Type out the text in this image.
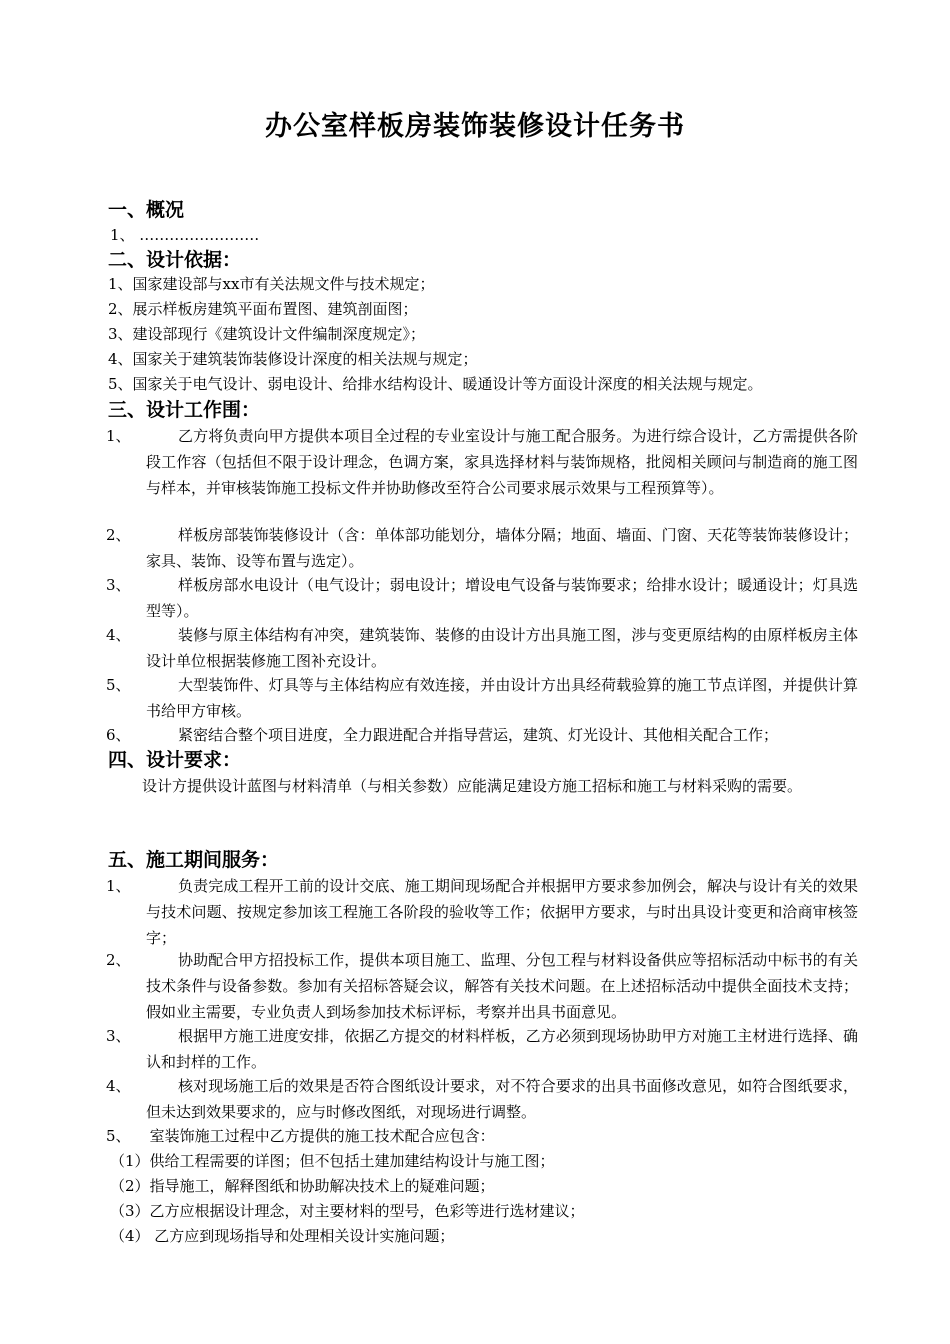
办公室样板房装饰装修设计任务书
一、概况
1、 ……………………
二、设计依据：
1、国家建设部与xx市有关法规文件与技术规定；
2、展示样板房建筑平面布置图、建筑剖面图；
3、建设部现行《建筑设计文件编制深度规定》；
4、国家关于建筑装饰装修设计深度的相关法规与规定；
5、国家关于电气设计、弱电设计、给排水结构设计、暖通设计等方面设计深度的相关法规与规定。
三、设计工作围：
1、	乙方将负责向甲方提供本项目全过程的专业室设计与施工配合服务。为进行综合设计，乙方需提供各阶段工作容（包括但不限于设计理念，色调方案，家具选择材料与装饰规格，批阅相关顾问与制造商的施工图与样本，并审核装饰施工投标文件并协助修改至符合公司要求展示效果与工程预算等）。
2、	样板房部装饰装修设计（含：单体部功能划分，墙体分隔；地面、墙面、门窗、天花等装饰装修设计；家具、装饰、设等布置与选定）。
3、	样板房部水电设计（电气设计；弱电设计；增设电气设备与装饰要求；给排水设计；暖通设计；灯具选型等）。
4、	装修与原主体结构有冲突，建筑装饰、装修的由设计方出具施工图，涉与变更原结构的由原样板房主体设计单位根据装修施工图补充设计。
5、	大型装饰件、灯具等与主体结构应有效连接，并由设计方出具经荷载验算的施工节点详图，并提供计算书给甲方审核。
6、	紧密结合整个项目进度，全力跟进配合并指导营运，建筑、灯光设计、其他相关配合工作；
四、设计要求：
设计方提供设计蓝图与材料清单（与相关参数）应能满足建设方施工招标和施工与材料采购的需要。
五、施工期间服务：
1、	负责完成工程开工前的设计交底、施工期间现场配合并根据甲方要求参加例会，解决与设计有关的效果与技术问题、按规定参加该工程施工各阶段的验收等工作；依据甲方要求，与时出具设计变更和洽商审核签字；
2、	协助配合甲方招投标工作，提供本项目施工、监理、分包工程与材料设备供应等招标活动中标书的有关技术条件与设备参数。参加有关招标答疑会议，解答有关技术问题。在上述招标活动中提供全面技术支持；假如业主需要，专业负责人到场参加技术标评标，考察并出具书面意见。
3、	根据甲方施工进度安排，依据乙方提交的材料样板，乙方必须到现场协助甲方对施工主材进行选择、确认和封样的工作。
4、	核对现场施工后的效果是否符合图纸设计要求，对不符合要求的出具书面修改意见，如符合图纸要求，但未达到效果要求的，应与时修改图纸，对现场进行调整。
5、    室装饰施工过程中乙方提供的施工技术配合应包含：
（1）供给工程需要的详图；但不包括土建加建结构设计与施工图；
（2）指导施工，解释图纸和协助解决技术上的疑难问题；
（3）乙方应根据设计理念，对主要材料的型号，色彩等进行选材建议；
（4） 乙方应到现场指导和处理相关设计实施问题；
